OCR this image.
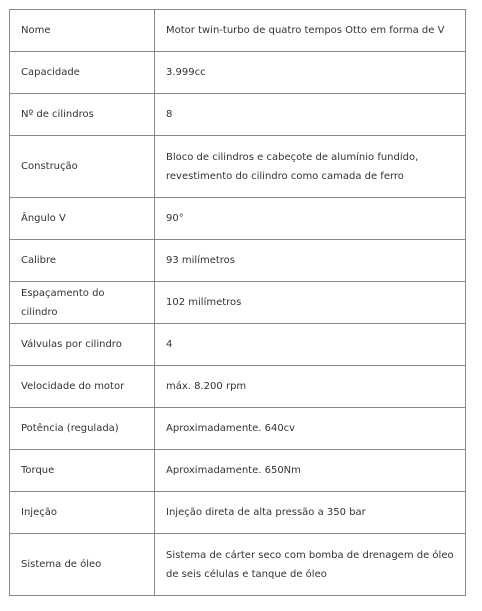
Nome	Motor twin-turbo de quatro tempos Otto em forma de V
Capacidade	3.999cc
Nº de cilindros	8
Construção	Bloco de cilindros e cabeçote de alumínio fundido, revestimento do cilindro como camada de ferro
Ângulo V	90°
Calibre	93 milímetros
Espaçamento do cilindro	102 milímetros
Válvulas por cilindro	4
Velocidade do motor	máx. 8.200 rpm
Potência (regulada)	Aproximadamente. 640cv
Torque	Aproximadamente. 650Nm
Injeção	Injeção direta de alta pressão a 350 bar
Sistema de óleo	Sistema de cárter seco com bomba de drenagem de óleo de seis células e tanque de óleo
